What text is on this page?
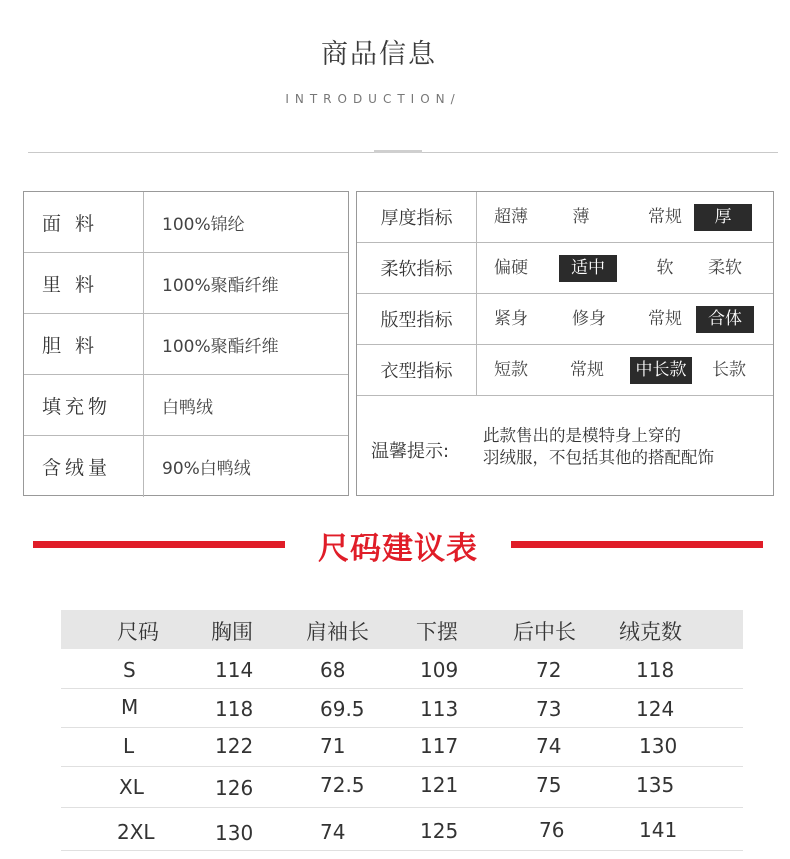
商品信息
INTRODUCTION/
面 料	100%锦纶
里 料	100%聚酯纤维
胆 料	100%聚酯纤维
填充物	白鸭绒
含绒量	90%白鸭绒
厚度指标	超薄	薄	常规	厚
柔软指标	偏硬	适中	软	柔软
版型指标	紧身	修身	常规	合体
衣型指标	短款	常规	中长款	长款
温馨提示:
此款售出的是模特身上穿的
羽绒服，不包括其他的搭配配饰
尺码建议表
尺码 胸围	肩袖长 下摆	后中长 绒克数
S	114	68	109	72	118
M	118	69.5	113	73	124
L	122	71	117	74	130
XL	126	72.5	121	75	135
2XL	130	74	125	76	141
